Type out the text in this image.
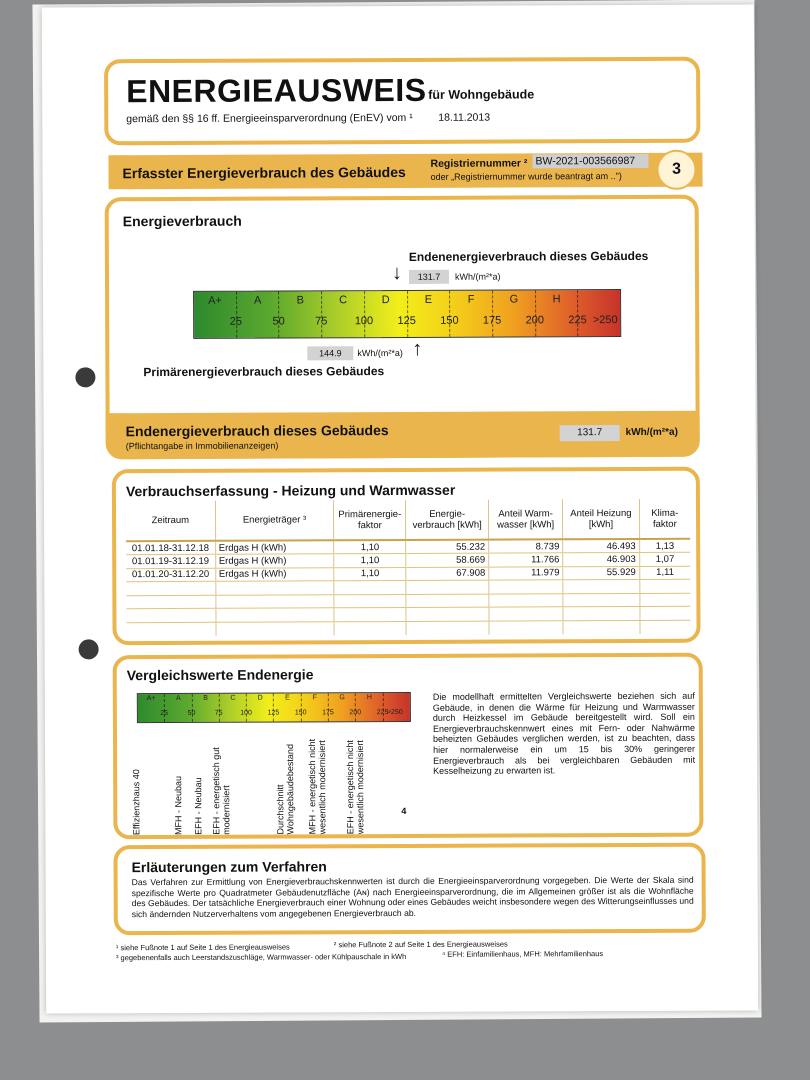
ENERGIEAUSWEIS für Wohngebäude
gemäß den §§ 16 ff. Energieeinsparverordnung (EnEV) vom ¹ 18.11.2013
Erfasster Energieverbrauch des Gebäudes
Registriernummer ² BW-2021-003566987
oder „Registriernummer wurde beantragt am ..")	3
Energieverbrauch
Endenenergieverbrauch dieses Gebäudes
↓	131.7	kWh/(m²*a)
A+
25
A
50
B
75
C
100
D
125
E
150
F
175
G
200
H
225 >250
144.9	kWh/(m²*a) ↑
Primärenergieverbrauch dieses Gebäudes
Endenergieverbrauch dieses Gebäudes
(Pflichtangabe in Immobilienanzeigen)
131.7	kWh/(m²*a)
Verbrauchserfassung - Heizung und Warmwasser
Zeitraum	Energieträger ³	Primärenergie-faktor	Energie-verbrauch [kWh]	Anteil Warm-wasser [kWh]	Anteil Heizung [kWh]	Klima-faktor
01.01.18-31.12.18	Erdgas H (kWh)	1,10	55.232	8.739	46.493	1,13
01.01.19-31.12.19	Erdgas H (kWh)	1,10	58.669	11.766	46.903	1,07
01.01.20-31.12.20	Erdgas H (kWh)	1,10	67.908	11.979	55.929	1,11

Vergleichswerte Endenergie
A+
25
A
50
B
75
C
100
D
125
E
150
F
175
G
200
H
225
>250
Effizienzhaus 40	MFH - Neubau EFH - Neubau EFH - energetisch gut modernisiert	Durchschnitt Wohngebäudebestand MFH - energetisch nicht wesentlich modernisiert EFH - energetisch nicht wesentlich modernisiert	4
Die modellhaft ermittelten Vergleichswerte beziehen sich auf Gebäude, in denen die Wärme für Heizung und Warmwasser durch Heizkessel im Gebäude bereitgestellt wird. Soll ein Energieverbrauchskennwert eines mit Fern- oder Nahwärme beheizten Gebäudes verglichen werden, ist zu beachten, dass hier normalerweise ein um 15 bis 30% geringerer Energieverbrauch als bei vergleichbaren Gebäuden mit Kesselheizung zu erwarten ist.
Erläuterungen zum Verfahren
Das Verfahren zur Ermittlung von Energieverbrauchskennwerten ist durch die Energieeinsparverordnung vorgegeben. Die Werte der Skala sind spezifische Werte pro Quadratmeter Gebäudenutzfläche (Aɴ) nach Energieeinsparverordnung, die im Allgemeinen größer ist als die Wohnfläche des Gebäudes. Der tatsächliche Energieverbrauch einer Wohnung oder eines Gebäudes weicht insbesondere wegen des Witterungseinflusses und sich ändernden Nutzerverhaltens vom angegebenen Energieverbrauch ab.
¹ siehe Fußnote 1 auf Seite 1 des Energieausweises	² siehe Fußnote 2 auf Seite 1 des Energieausweises
³ gegebenenfalls auch Leerstandszuschläge, Warmwasser- oder Kühlpauschale in kWh	⁴ EFH: Einfamilienhaus, MFH: Mehrfamilienhaus
